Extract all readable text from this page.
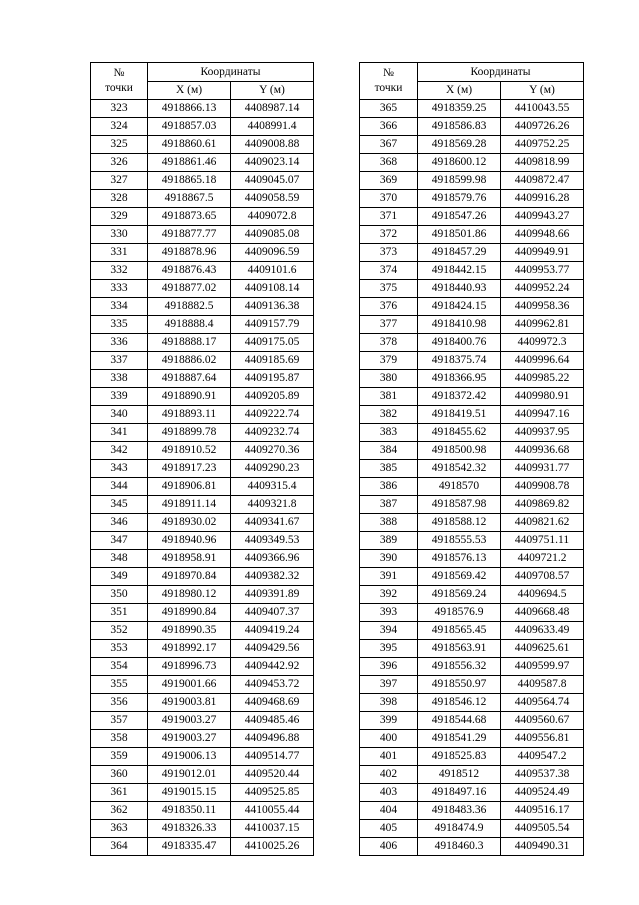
№
точки	Координаты	
	X (м)	Y (м)
323	4918866.13	4408987.14
324	4918857.03	4408991.4
325	4918860.61	4409008.88
326	4918861.46	4409023.14
327	4918865.18	4409045.07
328	4918867.5	4409058.59
329	4918873.65	4409072.8
330	4918877.77	4409085.08
331	4918878.96	4409096.59
332	4918876.43	4409101.6
333	4918877.02	4409108.14
334	4918882.5	4409136.38
335	4918888.4	4409157.79
336	4918888.17	4409175.05
337	4918886.02	4409185.69
338	4918887.64	4409195.87
339	4918890.91	4409205.89
340	4918893.11	4409222.74
341	4918899.78	4409232.74
342	4918910.52	4409270.36
343	4918917.23	4409290.23
344	4918906.81	4409315.4
345	4918911.14	4409321.8
346	4918930.02	4409341.67
347	4918940.96	4409349.53
348	4918958.91	4409366.96
349	4918970.84	4409382.32
350	4918980.12	4409391.89
351	4918990.84	4409407.37
352	4918990.35	4409419.24
353	4918992.17	4409429.56
354	4918996.73	4409442.92
355	4919001.66	4409453.72
356	4919003.81	4409468.69
357	4919003.27	4409485.46
358	4919003.27	4409496.88
359	4919006.13	4409514.77
360	4919012.01	4409520.44
361	4919015.15	4409525.85
362	4918350.11	4410055.44
363	4918326.33	4410037.15
364	4918335.47	4410025.26
№
точки	Координаты	
	X (м)	Y (м)
365	4918359.25	4410043.55
366	4918586.83	4409726.26
367	4918569.28	4409752.25
368	4918600.12	4409818.99
369	4918599.98	4409872.47
370	4918579.76	4409916.28
371	4918547.26	4409943.27
372	4918501.86	4409948.66
373	4918457.29	4409949.91
374	4918442.15	4409953.77
375	4918440.93	4409952.24
376	4918424.15	4409958.36
377	4918410.98	4409962.81
378	4918400.76	4409972.3
379	4918375.74	4409996.64
380	4918366.95	4409985.22
381	4918372.42	4409980.91
382	4918419.51	4409947.16
383	4918455.62	4409937.95
384	4918500.98	4409936.68
385	4918542.32	4409931.77
386	4918570	4409908.78
387	4918587.98	4409869.82
388	4918588.12	4409821.62
389	4918555.53	4409751.11
390	4918576.13	4409721.2
391	4918569.42	4409708.57
392	4918569.24	4409694.5
393	4918576.9	4409668.48
394	4918565.45	4409633.49
395	4918563.91	4409625.61
396	4918556.32	4409599.97
397	4918550.97	4409587.8
398	4918546.12	4409564.74
399	4918544.68	4409560.67
400	4918541.29	4409556.81
401	4918525.83	4409547.2
402	4918512	4409537.38
403	4918497.16	4409524.49
404	4918483.36	4409516.17
405	4918474.9	4409505.54
406	4918460.3	4409490.31
